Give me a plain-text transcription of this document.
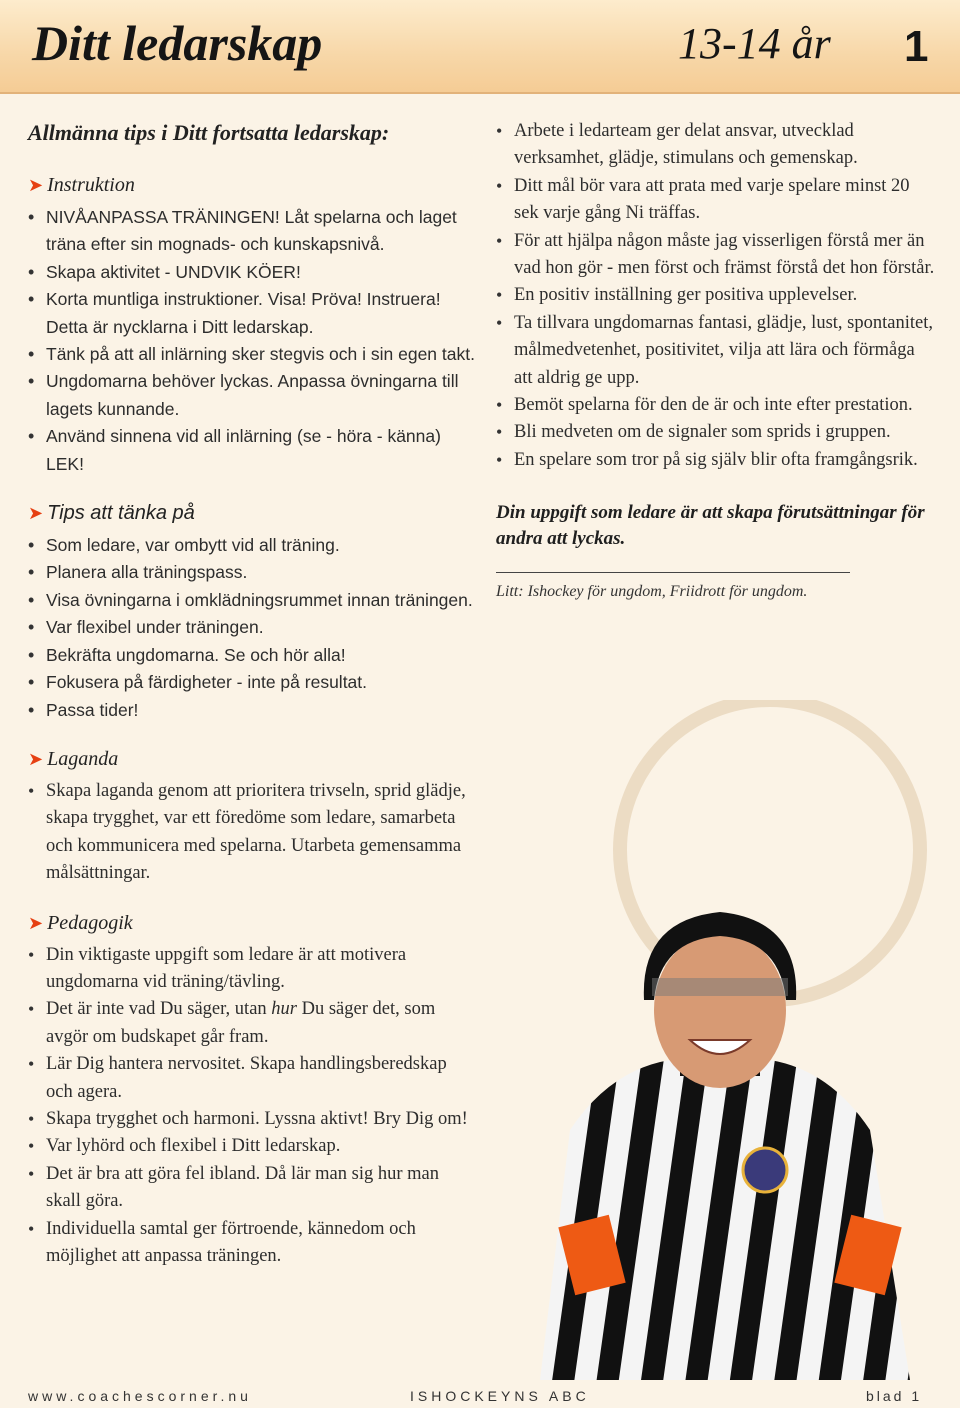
Ditt ledarskap	13-14 år 1
Allmänna tips i Ditt fortsatta ledarskap:
➤ Instruktion
• NIVÅANPASSA TRÄNINGEN! Låt spelarna och laget träna efter sin mognads- och kunskapsnivå.
• Skapa aktivitet - UNDVIK KÖER!
• Korta muntliga instruktioner. Visa! Pröva! Instruera! Detta är nycklarna i Ditt ledarskap.
• Tänk på att all inlärning sker stegvis och i sin egen takt.
• Ungdomarna behöver lyckas. Anpassa övningarna till lagets kunnande.
• Använd sinnena vid all inlärning (se - höra - känna) LEK!
➤ Tips att tänka på
• Som ledare, var ombytt vid all träning.
• Planera alla träningspass.
• Visa övningarna i omklädningsrummet innan träningen.
• Var flexibel under träningen.
• Bekräfta ungdomarna. Se och hör alla!
• Fokusera på färdigheter - inte på resultat.
• Passa tider!
➤ Laganda
• Skapa laganda genom att prioritera trivseln, sprid glädje, skapa trygghet, var ett föredöme som ledare, samarbeta och kommunicera med spelarna. Utarbeta gemensamma målsättningar.
➤ Pedagogik
• Din viktigaste uppgift som ledare är att motivera ungdomarna vid träning/tävling.
• Det är inte vad Du säger, utan hur Du säger det, som avgör om budskapet går fram.
• Lär Dig hantera nervositet. Skapa handlingsberedskap och agera.
• Skapa trygghet och harmoni. Lyssna aktivt! Bry Dig om!
• Var lyhörd och flexibel i Ditt ledarskap.
• Det är bra att göra fel ibland. Då lär man sig hur man skall göra.
• Individuella samtal ger förtroende, kännedom och möjlighet att anpassa träningen.
• Arbete i ledarteam ger delat ansvar, utvecklad verksamhet, glädje, stimulans och gemenskap.
• Ditt mål bör vara att prata med varje spelare minst 20 sek varje gång Ni träffas.
• För att hjälpa någon måste jag visserligen förstå mer än vad hon gör - men först och främst förstå det hon förstår.
• En positiv inställning ger positiva upplevelser.
• Ta tillvara ungdomarnas fantasi, glädje, lust, spontanitet, målmedvetenhet, positivitet, vilja att lära och förmåga att aldrig ge upp.
• Bemöt spelarna för den de är och inte efter prestation.
• Bli medveten om de signaler som sprids i gruppen.
• En spelare som tror på sig själv blir ofta framgångsrik.
Din uppgift som ledare är att skapa förutsättningar för andra att lyckas.
Litt: Ishockey för ungdom, Friidrott för ungdom.
www.coachescorner.nu	ISHOCKEYNS ABC	blad 1
